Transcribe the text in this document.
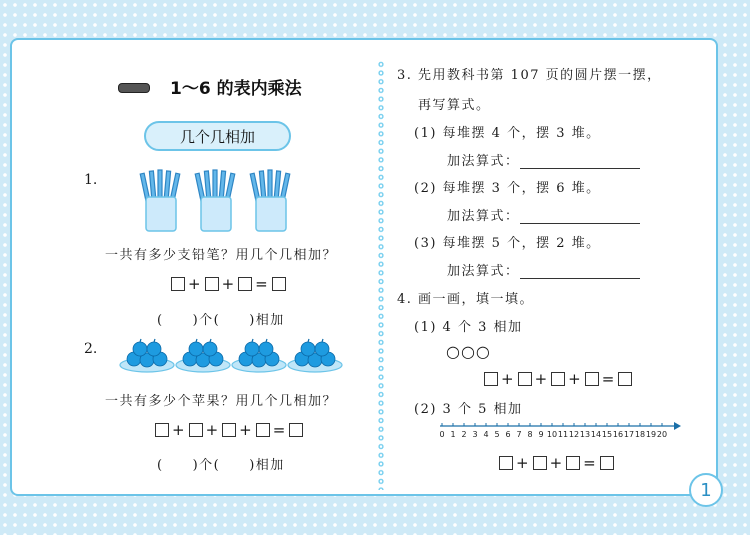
1～6 的表内乘法
几个几相加
1.
一共有多少支铅笔？用几个几相加？
+ + =
(　　)个(　　)相加
2.
一共有多少个苹果？用几个几相加？
+ + + =
(　　)个(　　)相加
3. 先用教科书第 107 页的圆片摆一摆，
再写算式。
(1) 每堆摆 4 个，摆 3 堆。
加法算式：
(2) 每堆摆 3 个，摆 6 堆。
加法算式：
(3) 每堆摆 5 个，摆 2 堆。
加法算式：
4. 画一画，填一填。
(1) 4 个 3 相加
○○○
+ + + =
(2) 3 个 5 相加
0 1 2 3 4 5 6 7 8 9 10 11 12 13 14 15 16 17 18 19 20
+ + =
1
